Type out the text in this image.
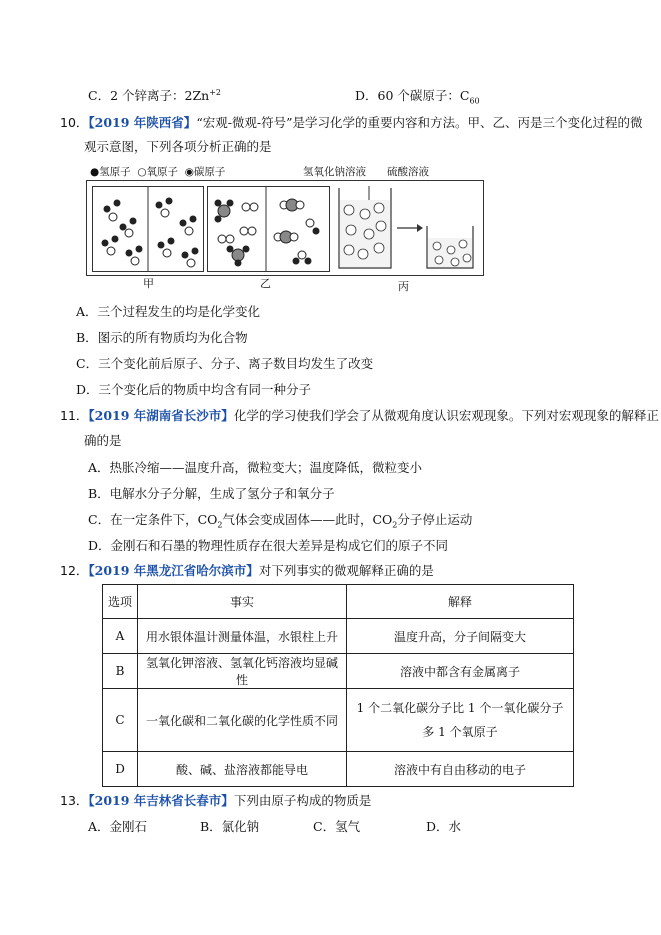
C．2 个锌离子：$2Zn^{+2}$	D．60 个碳原子：$C_{60}$
10．【2019 年陕西省】“宏观-微观-符号”是学习化学的重要内容和方法。甲、乙、丙是三个变化过程的微
观示意图，下列各项分析正确的是
●氢原子 ○氧原子 ◉碳原子	氢氧化钠溶液 硫酸溶液
甲	乙	丙
A．三个过程发生的均是化学变化
B．图示的所有物质均为化合物
C．三个变化前后原子、分子、离子数目均发生了改变
D．三个变化后的物质中均含有同一种分子
11．【2019 年湖南省长沙市】化学的学习使我们学会了从微观角度认识宏观现象。下列对宏观现象的解释正
确的是
A．热胀冷缩——温度升高，微粒变大；温度降低，微粒变小
B．电解水分子分解，生成了氢分子和氧分子
C．在一定条件下，$CO_2$气体会变成固体——此时，$CO_2$分子停止运动
D．金刚石和石墨的物理性质存在很大差异是构成它们的原子不同
12．【2019 年黑龙江省哈尔滨市】对下列事实的微观解释正确的是
选项	事实	解释
A	用水银体温计测量体温，水银柱上升	温度升高，分子间隔变大
B	氢氧化钾溶液、氢氧化钙溶液均显碱性	溶液中都含有金属离子
C	一氧化碳和二氧化碳的化学性质不同	1 个二氧化碳分子比 1 个一氧化碳分子
多 1 个氧原子

D	酸、碱、盐溶液都能导电	溶液中有自由移动的电子
13．【2019 年吉林省长春市】下列由原子构成的物质是
A．金刚石	B．氯化钠	C．氢气	D．水
